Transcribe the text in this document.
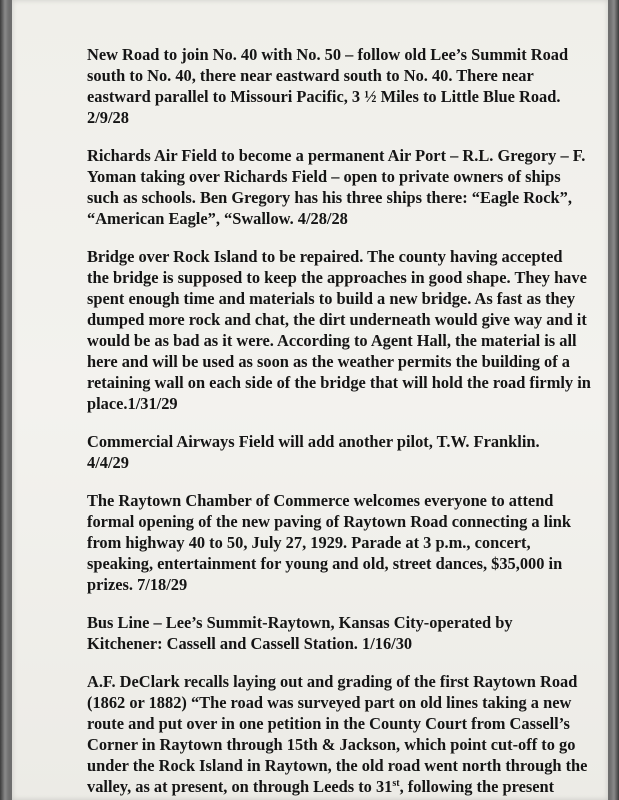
New Road to join No. 40 with No. 50 – follow old Lee’s Summit Road
south to No. 40, there near eastward south to No. 40. There near
eastward parallel to Missouri Pacific, 3 ½ Miles to Little Blue Road.
2/9/28
Richards Air Field to become a permanent Air Port – R.L. Gregory – F.
Yoman taking over Richards Field – open to private owners of ships
such as schools. Ben Gregory has his three ships there: “Eagle Rock”,
“American Eagle”, “Swallow. 4/28/28
Bridge over Rock Island to be repaired. The county having accepted
the bridge is supposed to keep the approaches in good shape. They have
spent enough time and materials to build a new bridge. As fast as they
dumped more rock and chat, the dirt underneath would give way and it
would be as bad as it were. According to Agent Hall, the material is all
here and will be used as soon as the weather permits the building of a
retaining wall on each side of the bridge that will hold the road firmly in
place.1/31/29
Commercial Airways Field will add another pilot, T.W. Franklin.
4/4/29
The Raytown Chamber of Commerce welcomes everyone to attend
formal opening of the new paving of Raytown Road connecting a link
from highway 40 to 50, July 27, 1929. Parade at 3 p.m., concert,
speaking, entertainment for young and old, street dances, $35,000 in
prizes. 7/18/29
Bus Line – Lee’s Summit-Raytown, Kansas City-operated by
Kitchener: Cassell and Cassell Station. 1/16/30
A.F. DeClark recalls laying out and grading of the first Raytown Road
(1862 or 1882) “The road was surveyed part on old lines taking a new
route and put over in one petition in the County Court from Cassell’s
Corner in Raytown through 15th & Jackson, which point cut-off to go
under the Rock Island in Raytown, the old road went north through the
valley, as at present, on through Leeds to 31st, following the present
